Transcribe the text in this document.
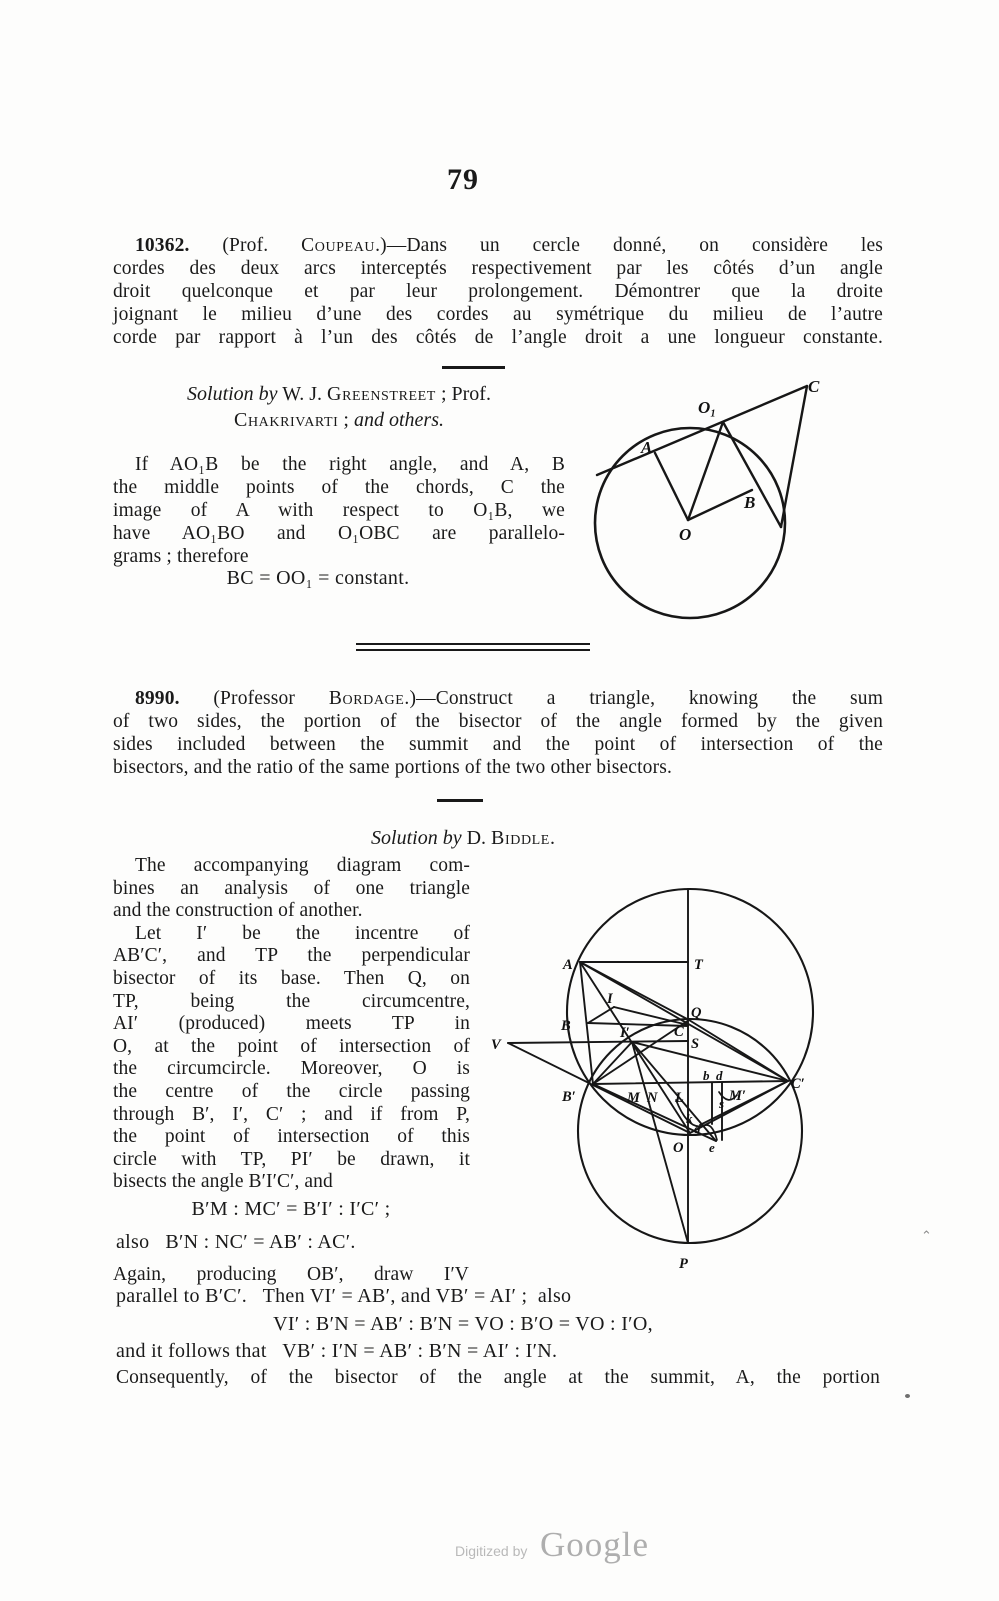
79
10362. (Prof. Coupeau.)—Dans un cercle donné, on considère les
cordes des deux arcs interceptés respectivement par les côtés d’un angle
droit quelconque et par leur prolongement. Démontrer que la droite
joignant le milieu d’une des cordes au symétrique du milieu de l’autre
corde par rapport à l’un des côtés de l’angle droit a une longueur constante.
Solution by W. J. Greenstreet ; Prof.
Chakrivarti ; and others.
If AO₁B be the right angle, and A, B
the middle points of the chords, C the
image of A with respect to O₁B, we
have AO₁BO and O₁OBC are parallelo-
grams ; therefore
BC = OO₁ = constant.
8990. (Professor Bordage.)—Construct a triangle, knowing the sum
of two sides, the portion of the bisector of the angle formed by the given
sides included between the summit and the point of intersection of the
bisectors, and the ratio of the same portions of the two other bisectors.
Solution by D. Biddle.
The accompanying diagram com-
bines an analysis of one triangle
and the construction of another.
Let I′ be the incentre of
AB′C′, and TP the perpendicular
bisector of its base. Then Q, on
TP, being the circumcentre,
AI′ (produced) meets TP in
O, at the point of intersection of
the circumcircle. Moreover, O is
the centre of the circle passing
through B′, I′, C′ ; and if from P,
the point of intersection of this
circle with TP, PI′ be drawn, it
bisects the angle B′I′C′, and
B′M : MC′ = B′I′ : I′C′ ;
also   B′N : NC′ = AB′ : AC′.
Again, producing OB′, draw I′V
parallel to B′C′.   Then VI′ = AB′, and VB′ = AI′ ;  also
VI′ : B′N = AB′ : B′N = VO : B′O = VO : I′O,
and it follows that   VB′ : I′N = AB′ : B′N = AI′ : I′N.
Consequently, of the bisector of the angle at the summit, A, the portion
C
O₁
A
B
O
A	T
I
B	I′
Q
C
S
V
B′	M N L	M′
b d
s
k
a
O e
C′
P
⌃
Digitized by Google
